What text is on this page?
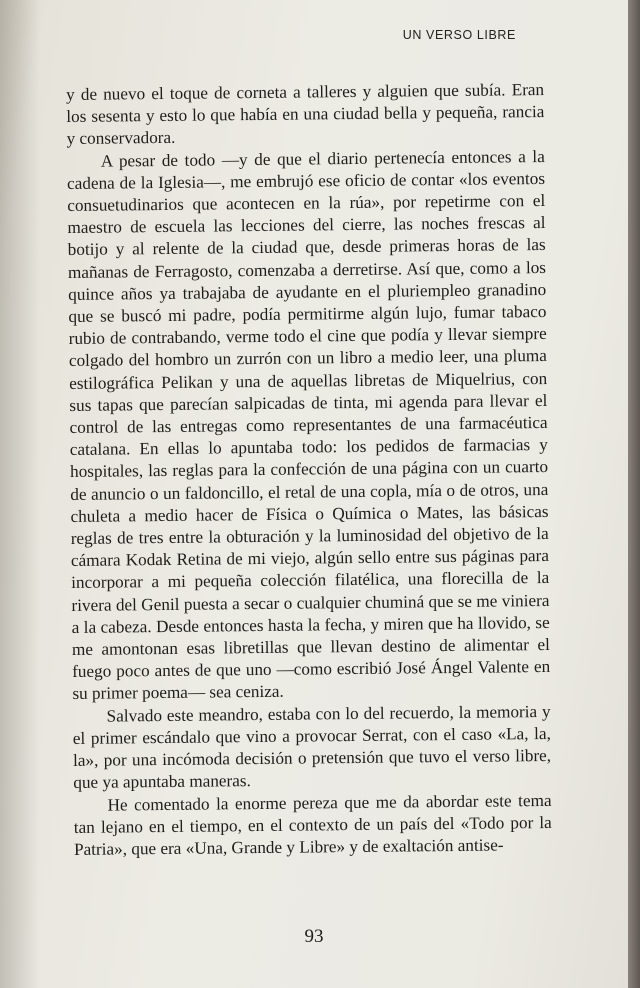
UN VERSO LIBRE

y de nuevo el toque de corneta a talleres y alguien que subía. Eran los sesenta y esto lo que había en una ciudad bella y pequeña, rancia y conservadora.

A pesar de todo —y de que el diario pertenecía entonces a la cadena de la Iglesia—, me embrujó ese oficio de contar «los eventos consuetudinarios que acontecen en la rúa», por repetirme con el maestro de escuela las lecciones del cierre, las noches frescas al botijo y al relente de la ciudad que, desde primeras horas de las mañanas de Ferragosto, comenzaba a derretirse. Así que, como a los quince años ya trabajaba de ayudante en el pluriempleo granadino que se buscó mi padre, podía permitirme algún lujo, fumar tabaco rubio de contrabando, verme todo el cine que podía y llevar siempre colgado del hombro un zurrón con un libro a medio leer, una pluma estilográfica Pelikan y una de aquellas libretas de Miquelrius, con sus tapas que parecían salpicadas de tinta, mi agenda para llevar el control de las entregas como representantes de una farmacéutica catalana. En ellas lo apuntaba todo: los pedidos de farmacias y hospitales, las reglas para la confección de una página con un cuarto de anuncio o un faldoncillo, el retal de una copla, mía o de otros, una chuleta a medio hacer de Física o Química o Mates, las básicas reglas de tres entre la obturación y la luminosidad del objetivo de la cámara Kodak Retina de mi viejo, algún sello entre sus páginas para incorporar a mi pequeña colección filatélica, una florecilla de la rivera del Genil puesta a secar o cualquier chuminá que se me viniera a la cabeza. Desde entonces hasta la fecha, y miren que ha llovido, se me amontonan esas libretillas que llevan destino de alimentar el fuego poco antes de que uno —como escribió José Ángel Valente en su primer poema— sea ceniza.

Salvado este meandro, estaba con lo del recuerdo, la memoria y el primer escándalo que vino a provocar Serrat, con el caso «La, la, la», por una incómoda decisión o pretensión que tuvo el verso libre, que ya apuntaba maneras.

He comentado la enorme pereza que me da abordar este tema tan lejano en el tiempo, en el contexto de un país del «Todo por la Patria», que era «Una, Grande y Libre» y de exaltación antise-

93
